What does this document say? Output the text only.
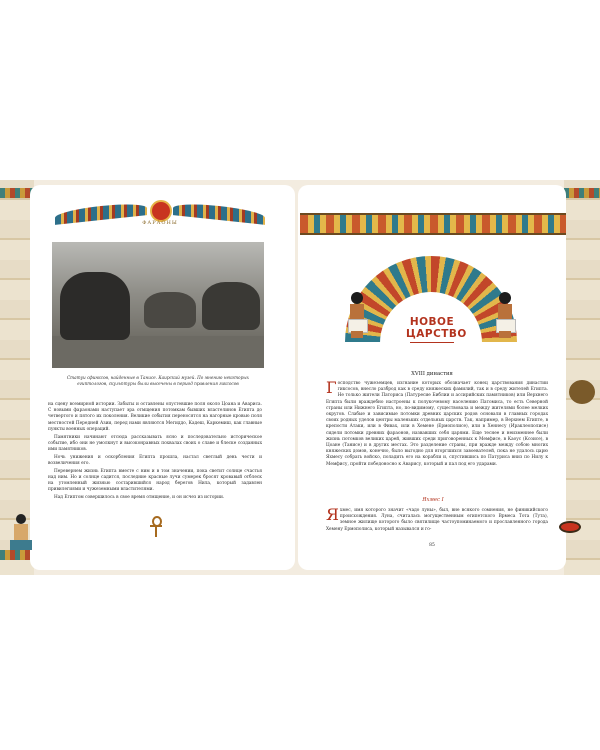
ФАРАОНЫ
Статуи сфинксов, найденные в Танисе. Каирский музей. По мнению некоторых египтологов, скульптуры были высечены в период правления гиксосов

на сцену всемирной истории. Забыты и оставлены опустевшие поля около Цоана и Авариса. С новыми фараонами наступает эра отмщения потомкам бывших властелинов Египта до четвертого и пятого их поколения. Великие события переносятся на нагорные кровью поля местностей Передней Азии, перед нами являются Мегиддо, Кадеш, Каркемиш, как главные пункты военных операций.

Памятники начинают отсюда рассказывать ясно и последовательно историческое событие, ибо они не умолкнут и высоконравных похвалах своих о славе и блеске созданных ими памятников.

Ночь унижения и оскорбления Египта прошла, настал светлый день чести и возвеличения его.

Перевернем жизнь Египта вместе с ним и в том значении, пока светит солнце счастья над ним. Но и солнце садится, последние красные лучи сумерек бросят кровавый отблеск на утомленный жизнью состарившийся народ берегов Нила, который задавлен привилегиями и чужеземными властителями.

Над Египтом совершилось в свое время отмщение, и он исчез из истории.

НОВОЕ
ЦАРСТВО
XVIII династия
Г осподство чужеземцев, изгнание которых обозначает конец царствования династии гиксосов, внесло разброд как в среду княжеских фамилий, так и в среду жителей Египта. Не только жители Паториса (Патуресие Библии и ассирийских памятников) или Верхнего Египта были враждебно настроены к полукочевому населению Патомиса, то есть Северной страны или Нижнего Египта, но, по-видимому, существовала и между жителями более мелких округов. Слабые и зависимые потомки древних царских родов основали в главных городах своих родных уделов центры маленьких отдельных царств. Так, например, в Верхнем Египте, в крепости Атаки, или в Фивах, или в Хемене (Ермополисе), или в Хеннесу (Ираклеополисе) сидели потомки древних фараонов, назвавших себя царями. Еще теснее и неизменнее были жизнь потомков великих царей, живших среди приговоренных к Мемфисе, в Каоус (Ксоисе), в Цоане (Танисе) и в других местах. Это разделение страны, при вражде между собою многих княжеских домов, конечно, было выгодно для вторгшихся завоевателей, пока не удалось царю Яхмесу собрать войско, поладить его на корабли и, спустившись по Патуриса вниз по Нилу к Мемфису, пройти победоносно к Аварису, который и пал под его ударами.
Яхмес I
Я хмес, имя которого значит «чадо луны», был, вне всякого сомнения, не финикийского происхождения. Луна, считалась могущественным египетского Врмеса Тота (Тута), земное жилище которого было святилище частоупоминаемого и прославленного города Хемену Ермополиса, который назывался и го-
85
